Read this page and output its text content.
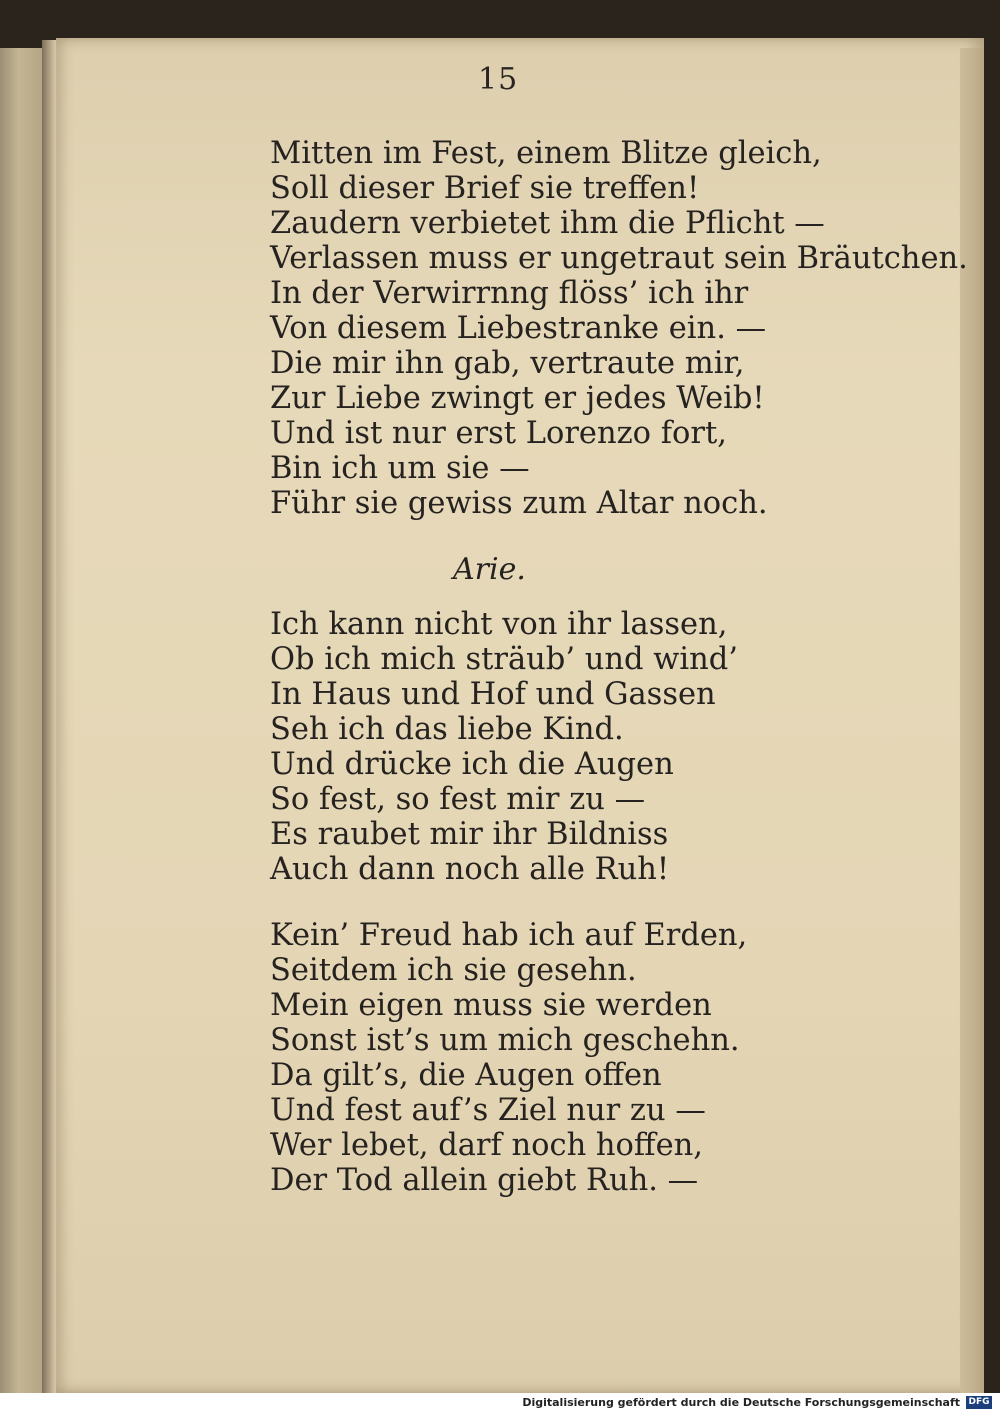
15
Mitten im Fest, einem Blitze gleich,
Soll dieser Brief sie treffen!
Zaudern verbietet ihm die Pflicht —
Verlassen muss er ungetraut sein Bräutchen.
In der Verwirrnng flöss’ ich ihr
Von diesem Liebestranke ein. —
Die mir ihn gab, vertraute mir,
Zur Liebe zwingt er jedes Weib!
Und ist nur erst Lorenzo fort,
Bin ich um sie —
Führ sie gewiss zum Altar noch.
Arie.
Ich kann nicht von ihr lassen,
Ob ich mich sträub’ und wind’
In Haus und Hof und Gassen
Seh ich das liebe Kind.
Und drücke ich die Augen
So fest, so fest mir zu —
Es raubet mir ihr Bildniss
Auch dann noch alle Ruh!
Kein’ Freud hab ich auf Erden,
Seitdem ich sie gesehn.
Mein eigen muss sie werden
Sonst ist’s um mich geschehn.
Da gilt’s, die Augen offen
Und fest auf’s Ziel nur zu —
Wer lebet, darf noch hoffen,
Der Tod allein giebt Ruh. —
Digitalisierung gefördert durch die Deutsche Forschungsgemeinschaft DFG
